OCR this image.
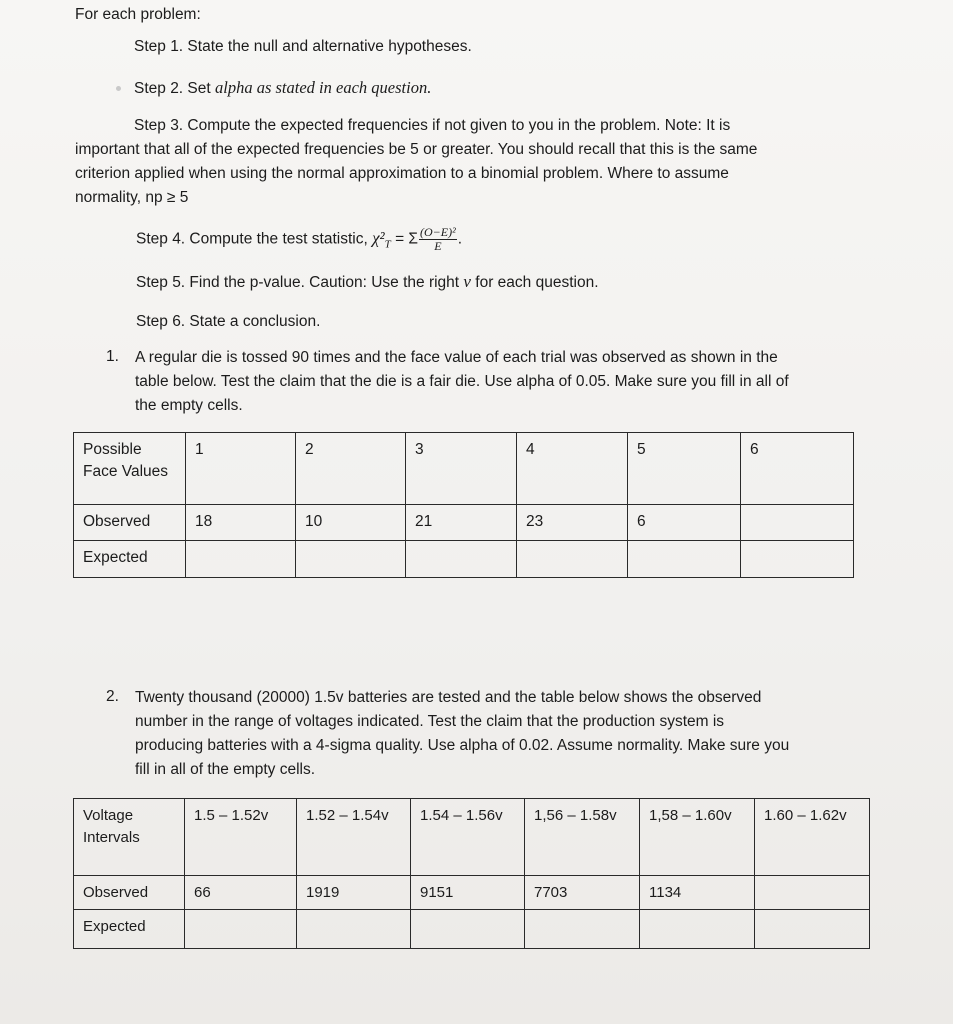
For each problem:
Step 1. State the null and alternative hypotheses.
Step 2. Set alpha as stated in each question.
Step 3. Compute the expected frequencies if not given to you in the problem. Note: It is
important that all of the expected frequencies be 5 or greater. You should recall that this is the same
criterion applied when using the normal approximation to a binomial problem. Where to assume
normality, np ≥ 5
Step 4. Compute the test statistic, $\chi^2_T = \Sigma \frac{\text{(O−E)²}}{E}$ .
Step 5. Find the p-value. Caution: Use the right ν for each question.
Step 6. State a conclusion.
1. A regular die is tossed 90 times and the face value of each trial was observed as shown in the
table below. Test the claim that the die is a fair die. Use alpha of 0.05. Make sure you fill in all of
the empty cells.
Possible
Face Values	1	2	3	4	5	6
Observed	18	10	21	23	6	
Expected						
2. Twenty thousand (20000) 1.5v batteries are tested and the table below shows the observed
number in the range of voltages indicated. Test the claim that the production system is
producing batteries with a 4-sigma quality. Use alpha of 0.02. Assume normality. Make sure you
fill in all of the empty cells.
Voltage
Intervals	1.5 – 1.52v	1.52 – 1.54v	1.54 – 1.56v	1,56 – 1.58v	1,58 – 1.60v	1.60 – 1.62v
Observed	66	1919	9151	7703	1134	
Expected						
